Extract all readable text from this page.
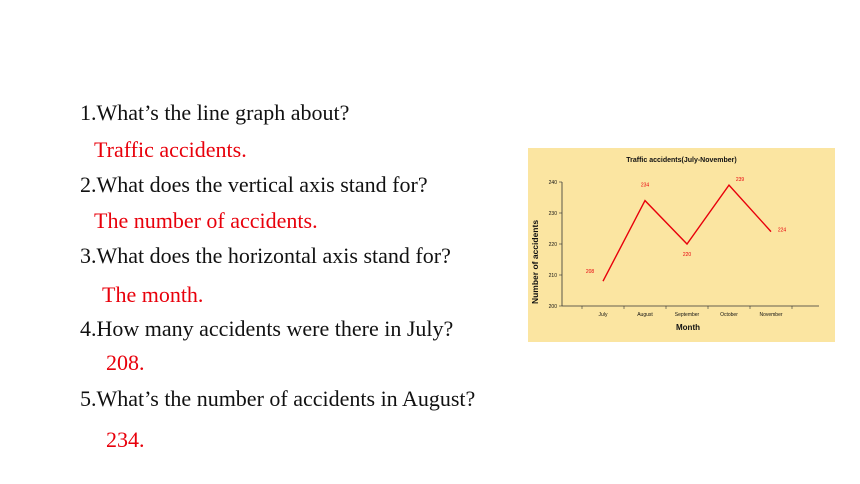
1.What’s the line graph about?
Traffic accidents.
2.What does the vertical axis stand for?
The number of accidents.
3.What does the horizontal axis stand for?
The month.
4.How many accidents were there in July?
208.
5.What’s the number of accidents in August?
234.
Traffic accidents(July-November)
Number of accidents
Month
200
210
220
230
240
July	August	September	October	November
208
234
220
239
224
